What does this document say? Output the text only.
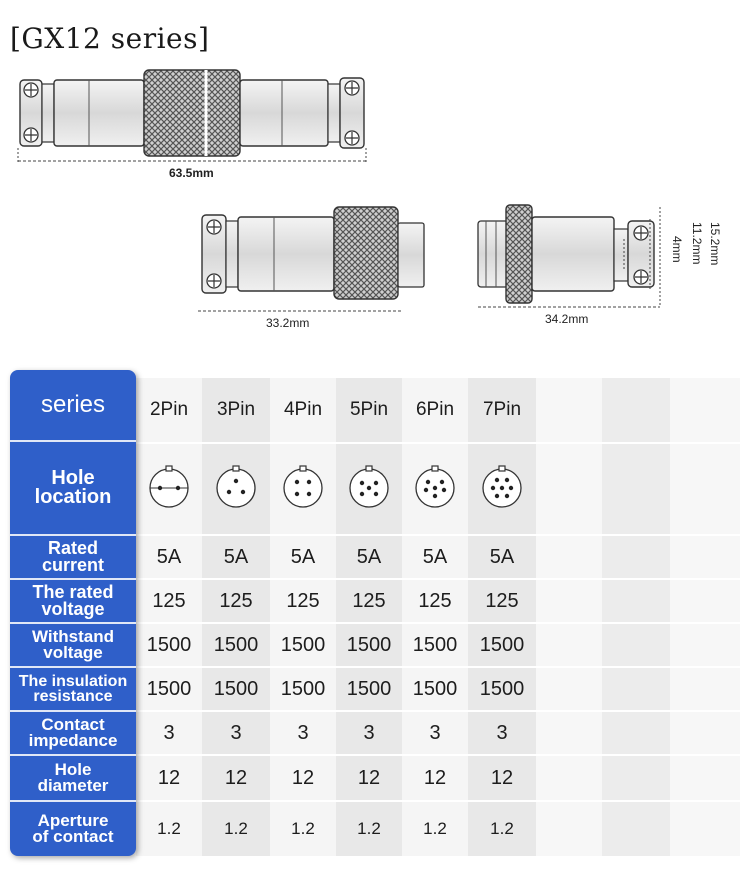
[GX12 series]
63.5mm
33.2mm	34.2mm
4mm 11.2mm 15.2mm
series
Hole
location
Rated
current
The rated
voltage
Withstand
voltage
The insulation
resistance
Contact
impedance
Hole
diameter
Aperture
of contact
2Pin
5A
125
1500
1500
3
12
1.2
3Pin
5A
125
1500
1500
3
12
1.2
4Pin
5A
125
1500
1500
3
12
1.2
5Pin
5A
125
1500
1500
3
12
1.2
6Pin
5A
125
1500
1500
3
12
1.2
7Pin
5A
125
1500
1500
3
12
1.2
